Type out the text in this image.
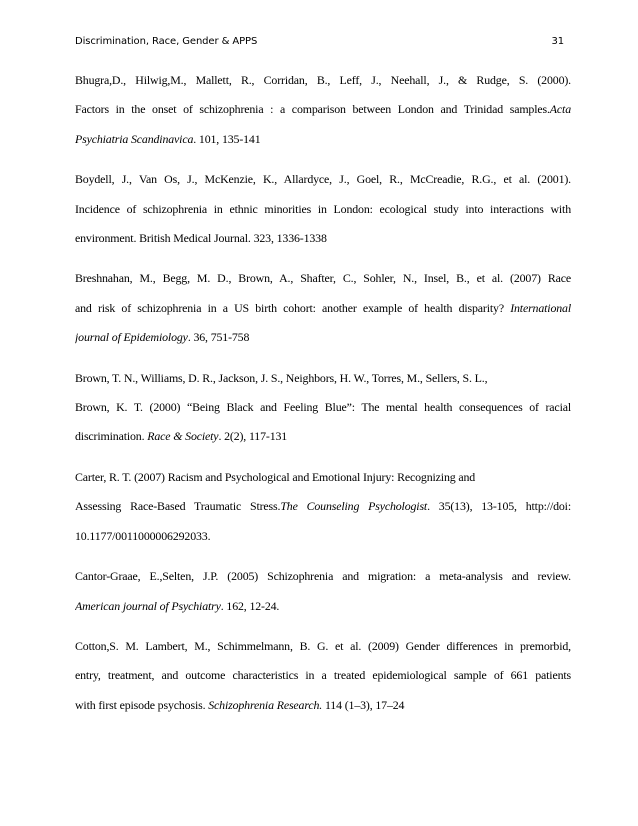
Discrimination, Race, Gender & APPS	31
Bhugra,D., Hilwig,M., Mallett, R., Corridan, B., Leff, J., Neehall, J., & Rudge, S. (2000).
Factors in the onset of schizophrenia : a comparison between London and Trinidad samples.Acta
Psychiatria Scandinavica. 101, 135-141
Boydell, J., Van Os, J., McKenzie, K., Allardyce, J., Goel, R., McCreadie, R.G., et al. (2001).
Incidence of schizophrenia in ethnic minorities in London: ecological study into interactions with
environment. British Medical Journal. 323, 1336-1338
Breshnahan, M., Begg, M. D., Brown, A., Shafter, C., Sohler, N., Insel, B., et al. (2007) Race
and risk of schizophrenia in a US birth cohort: another example of health disparity? International
journal of Epidemiology. 36, 751-758
Brown, T. N., Williams, D. R., Jackson, J. S., Neighbors, H. W., Torres, M., Sellers, S. L.,
Brown, K. T. (2000) “Being Black and Feeling Blue”: The mental health consequences of racial
discrimination. Race & Society. 2(2), 117-131
Carter, R. T. (2007) Racism and Psychological and Emotional Injury: Recognizing and
Assessing Race-Based Traumatic Stress.The Counseling Psychologist. 35(13), 13-105, http://doi:
10.1177/0011000006292033.
Cantor-Graae, E.,Selten, J.P. (2005) Schizophrenia and migration: a meta-analysis and review.
American journal of Psychiatry. 162, 12-24.
Cotton,S. M. Lambert, M., Schimmelmann, B. G. et al. (2009) Gender differences in premorbid,
entry, treatment, and outcome characteristics in a treated epidemiological sample of 661 patients
with first episode psychosis. Schizophrenia Research. 114 (1–3), 17–24
